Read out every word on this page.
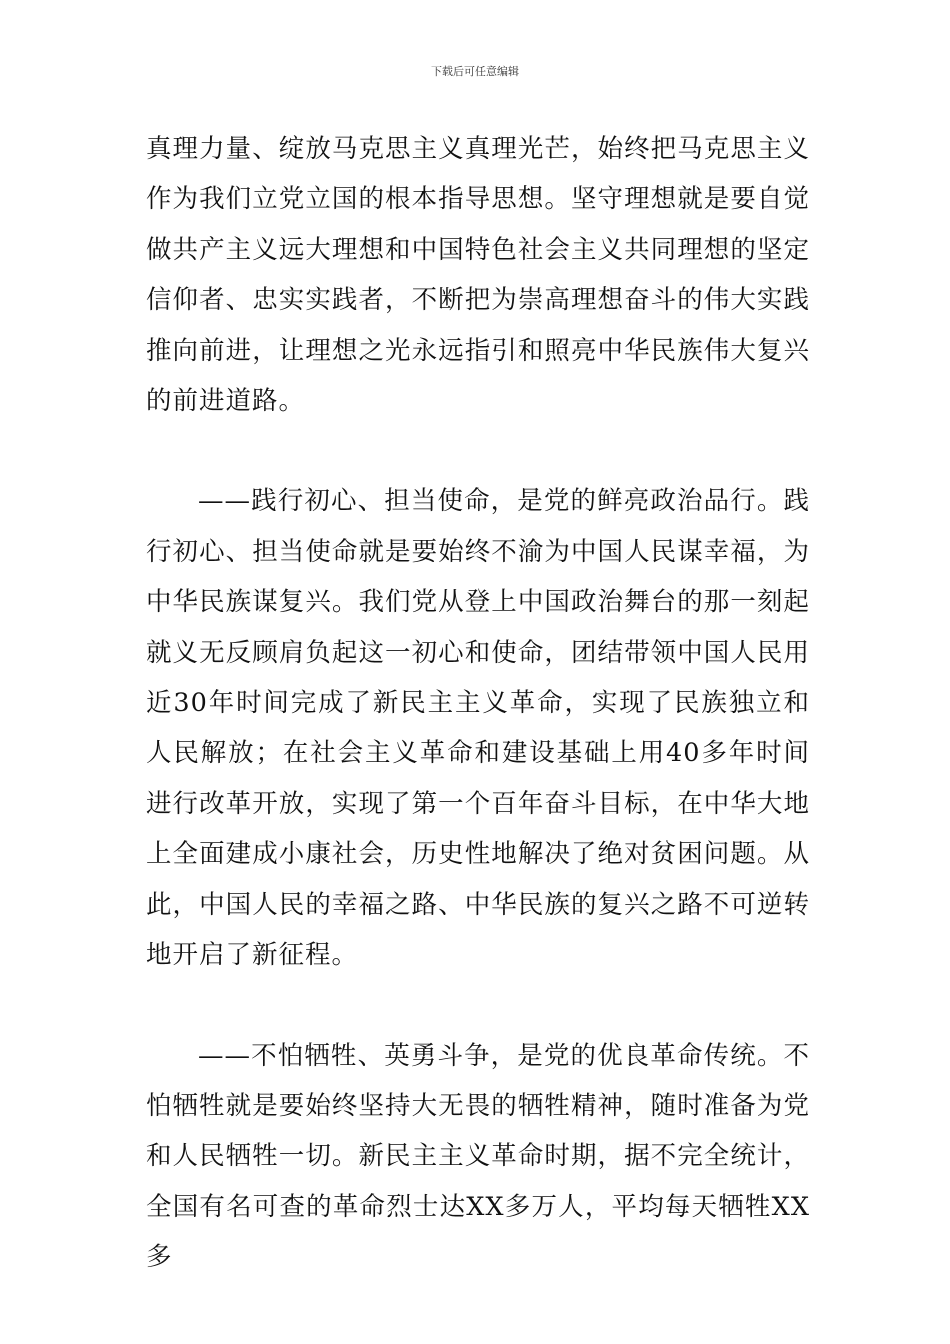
下载后可任意编辑

真理力量、绽放马克思主义真理光芒，始终把马克思主义作为我们立党立国的根本指导思想。坚守理想就是要自觉做共产主义远大理想和中国特色社会主义共同理想的坚定信仰者、忠实实践者，不断把为崇高理想奋斗的伟大实践推向前进，让理想之光永远指引和照亮中华民族伟大复兴的前进道路。

——践行初心、担当使命，是党的鲜亮政治品行。践行初心、担当使命就是要始终不渝为中国人民谋幸福，为中华民族谋复兴。我们党从登上中国政治舞台的那一刻起就义无反顾肩负起这一初心和使命，团结带领中国人民用近30年时间完成了新民主主义革命，实现了民族独立和人民解放；在社会主义革命和建设基础上用40多年时间进行改革开放，实现了第一个百年奋斗目标，在中华大地上全面建成小康社会，历史性地解决了绝对贫困问题。从此，中国人民的幸福之路、中华民族的复兴之路不可逆转地开启了新征程。

——不怕牺牲、英勇斗争，是党的优良革命传统。不怕牺牲就是要始终坚持大无畏的牺牲精神，随时准备为党和人民牺牲一切。新民主主义革命时期，据不完全统计，全国有名可查的革命烈士达XX多万人，平均每天牺牲XX多
